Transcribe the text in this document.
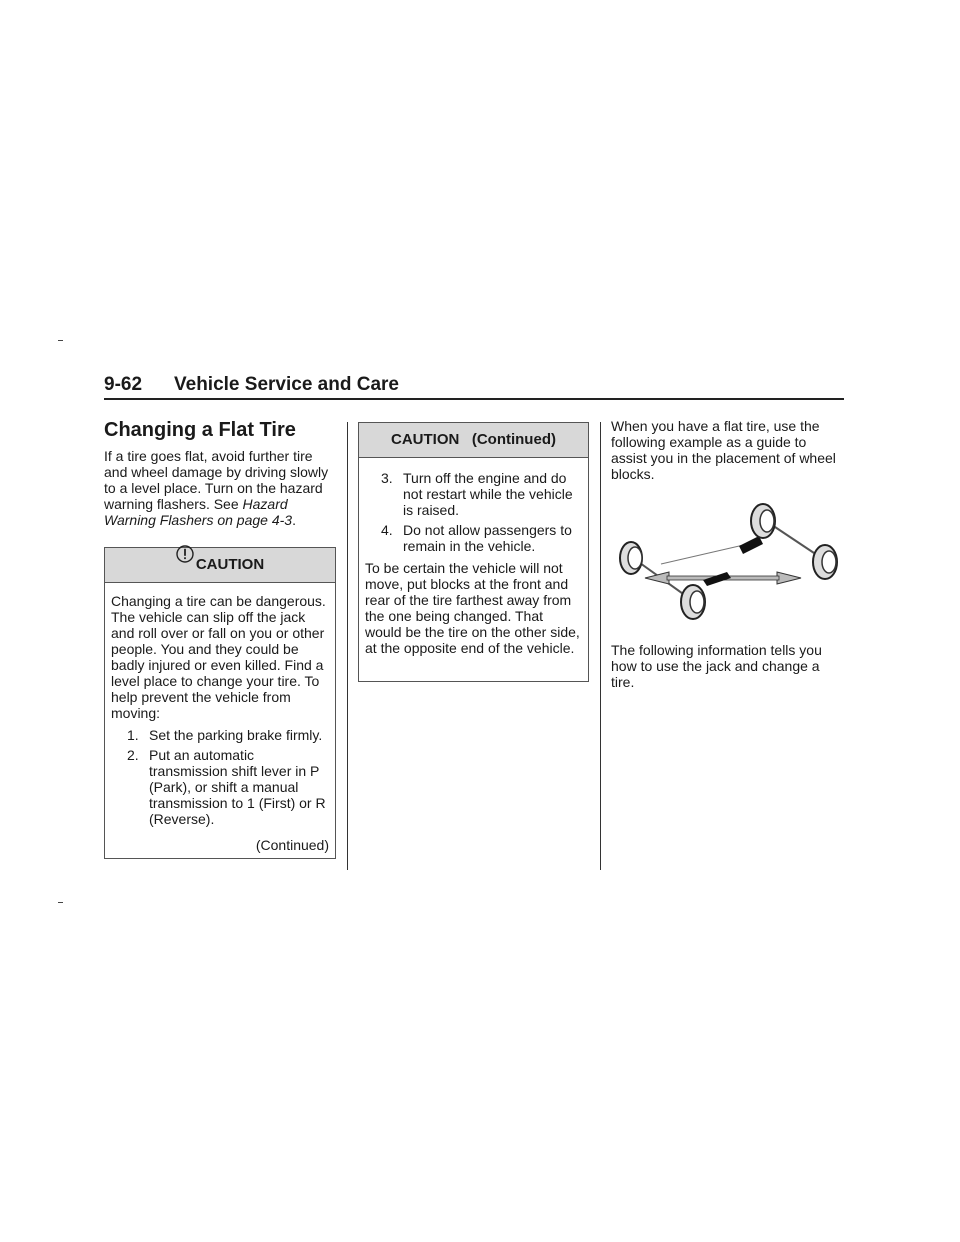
9-62 Vehicle Service and Care
Changing a Flat Tire

If a tire goes flat, avoid further tire and wheel damage by driving slowly to a level place. Turn on the hazard warning flashers. See Hazard Warning Flashers on page 4-3.

CAUTION

Changing a tire can be dangerous. The vehicle can slip off the jack and roll over or fall on you or other people. You and they could be badly injured or even killed. Find a level place to change your tire. To help prevent the vehicle from moving:

1. Set the parking brake firmly.
2. Put an automatic transmission shift lever in P (Park), or shift a manual transmission to 1 (First) or R (Reverse).

(Continued)

CAUTION   (Continued)
3. Turn off the engine and do not restart while the vehicle is raised.
4. Do not allow passengers to remain in the vehicle.

To be certain the vehicle will not move, put blocks at the front and rear of the tire farthest away from the one being changed. That would be the tire on the other side, at the opposite end of the vehicle.

When you have a flat tire, use the following example as a guide to assist you in the placement of wheel blocks.

The following information tells you how to use the jack and change a tire.
